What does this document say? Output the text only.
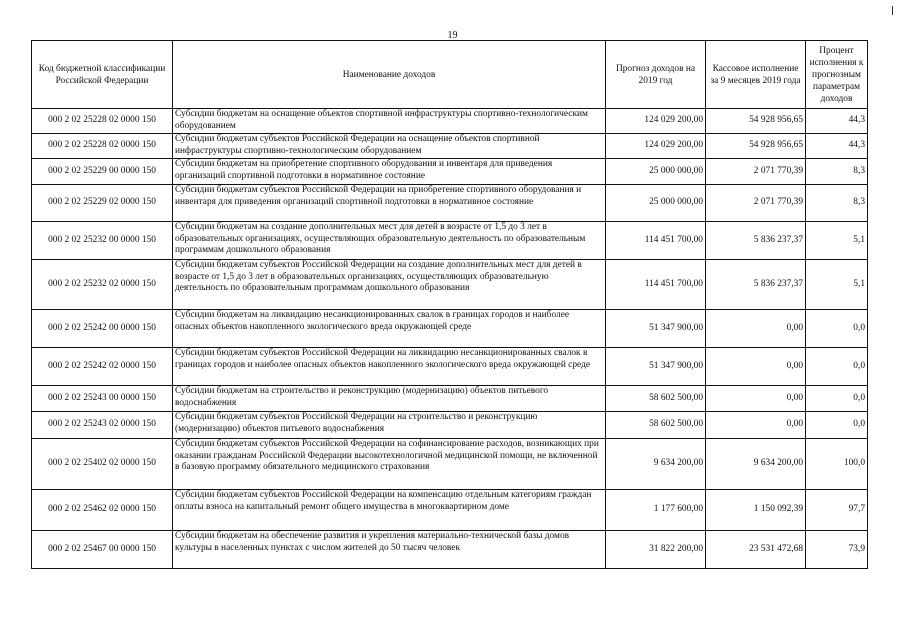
19
Код бюджетной классификации Российской Федерации	Наименование доходов	Прогноз доходов на 2019 год	Кассовое исполнение за 9 месяцев 2019 года	Процент исполнения к прогнозным параметрам доходов
000 2 02 25228 02 0000 150	Субсидии бюджетам на оснащение объектов спортивной инфраструктуры спортивно-технологическим оборудованием	124 029 200,00	54 928 956,65	44,3
000 2 02 25228 02 0000 150	Субсидии бюджетам субъектов Российской Федерации на оснащение объектов спортивной инфраструктуры спортивно-технологическим оборудованием	124 029 200,00	54 928 956,65	44,3
000 2 02 25229 00 0000 150	Субсидии бюджетам на приобретение спортивного оборудования и инвентаря для приведения организаций спортивной подготовки в нормативное состояние	25 000 000,00	2 071 770,39	8,3
000 2 02 25229 02 0000 150	Субсидии бюджетам субъектов Российской Федерации на приобретение спортивного оборудования и инвентаря для приведения организаций спортивной подготовки в нормативное состояние	25 000 000,00	2 071 770,39	8,3
000 2 02 25232 00 0000 150	Субсидии бюджетам на создание дополнительных мест для детей в возрасте от 1,5 до 3 лет в образовательных организациях, осуществляющих образовательную деятельность по образовательным программам дошкольного образования	114 451 700,00	5 836 237,37	5,1
000 2 02 25232 02 0000 150	Субсидии бюджетам субъектов Российской Федерации на создание дополнительных мест для детей в возрасте от 1,5 до 3 лет в образовательных организациях, осуществляющих образовательную деятельность по образовательным программам дошкольного образования	114 451 700,00	5 836 237,37	5,1
000 2 02 25242 00 0000 150	Субсидии бюджетам на ликвидацию несанкционированных свалок в границах городов и наиболее опасных объектов накопленного экологического вреда окружающей среде	51 347 900,00	0,00	0,0
000 2 02 25242 02 0000 150	Субсидии бюджетам субъектов Российской Федерации на ликвидацию несанкционированных свалок в границах городов и наиболее опасных объектов накопленного экологического вреда окружающей среде	51 347 900,00	0,00	0,0
000 2 02 25243 00 0000 150	Субсидии бюджетам на строительство и реконструкцию (модернизацию) объектов питьевого водоснабжения	58 602 500,00	0,00	0,0
000 2 02 25243 02 0000 150	Субсидии бюджетам субъектов Российской Федерации на строительство и реконструкцию (модернизацию) объектов питьевого водоснабжения	58 602 500,00	0,00	0,0
000 2 02 25402 02 0000 150	Субсидии бюджетам субъектов Российской Федерации на софинансирование расходов, возникающих при оказании гражданам Российской Федерации высокотехнологичной медицинской помощи, не включенной в базовую программу обязательного медицинского страхования	9 634 200,00	9 634 200,00	100,0
000 2 02 25462 02 0000 150	Субсидии бюджетам субъектов Российской Федерации на компенсацию отдельным категориям граждан оплаты взноса на капитальный ремонт общего имущества в многоквартирном доме	1 177 600,00	1 150 092,39	97,7
000 2 02 25467 00 0000 150	Субсидии бюджетам на обеспечение развития и укрепления материально-технической базы домов культуры в населенных пунктах с числом жителей до 50 тысяч человек	31 822 200,00	23 531 472,68	73,9
